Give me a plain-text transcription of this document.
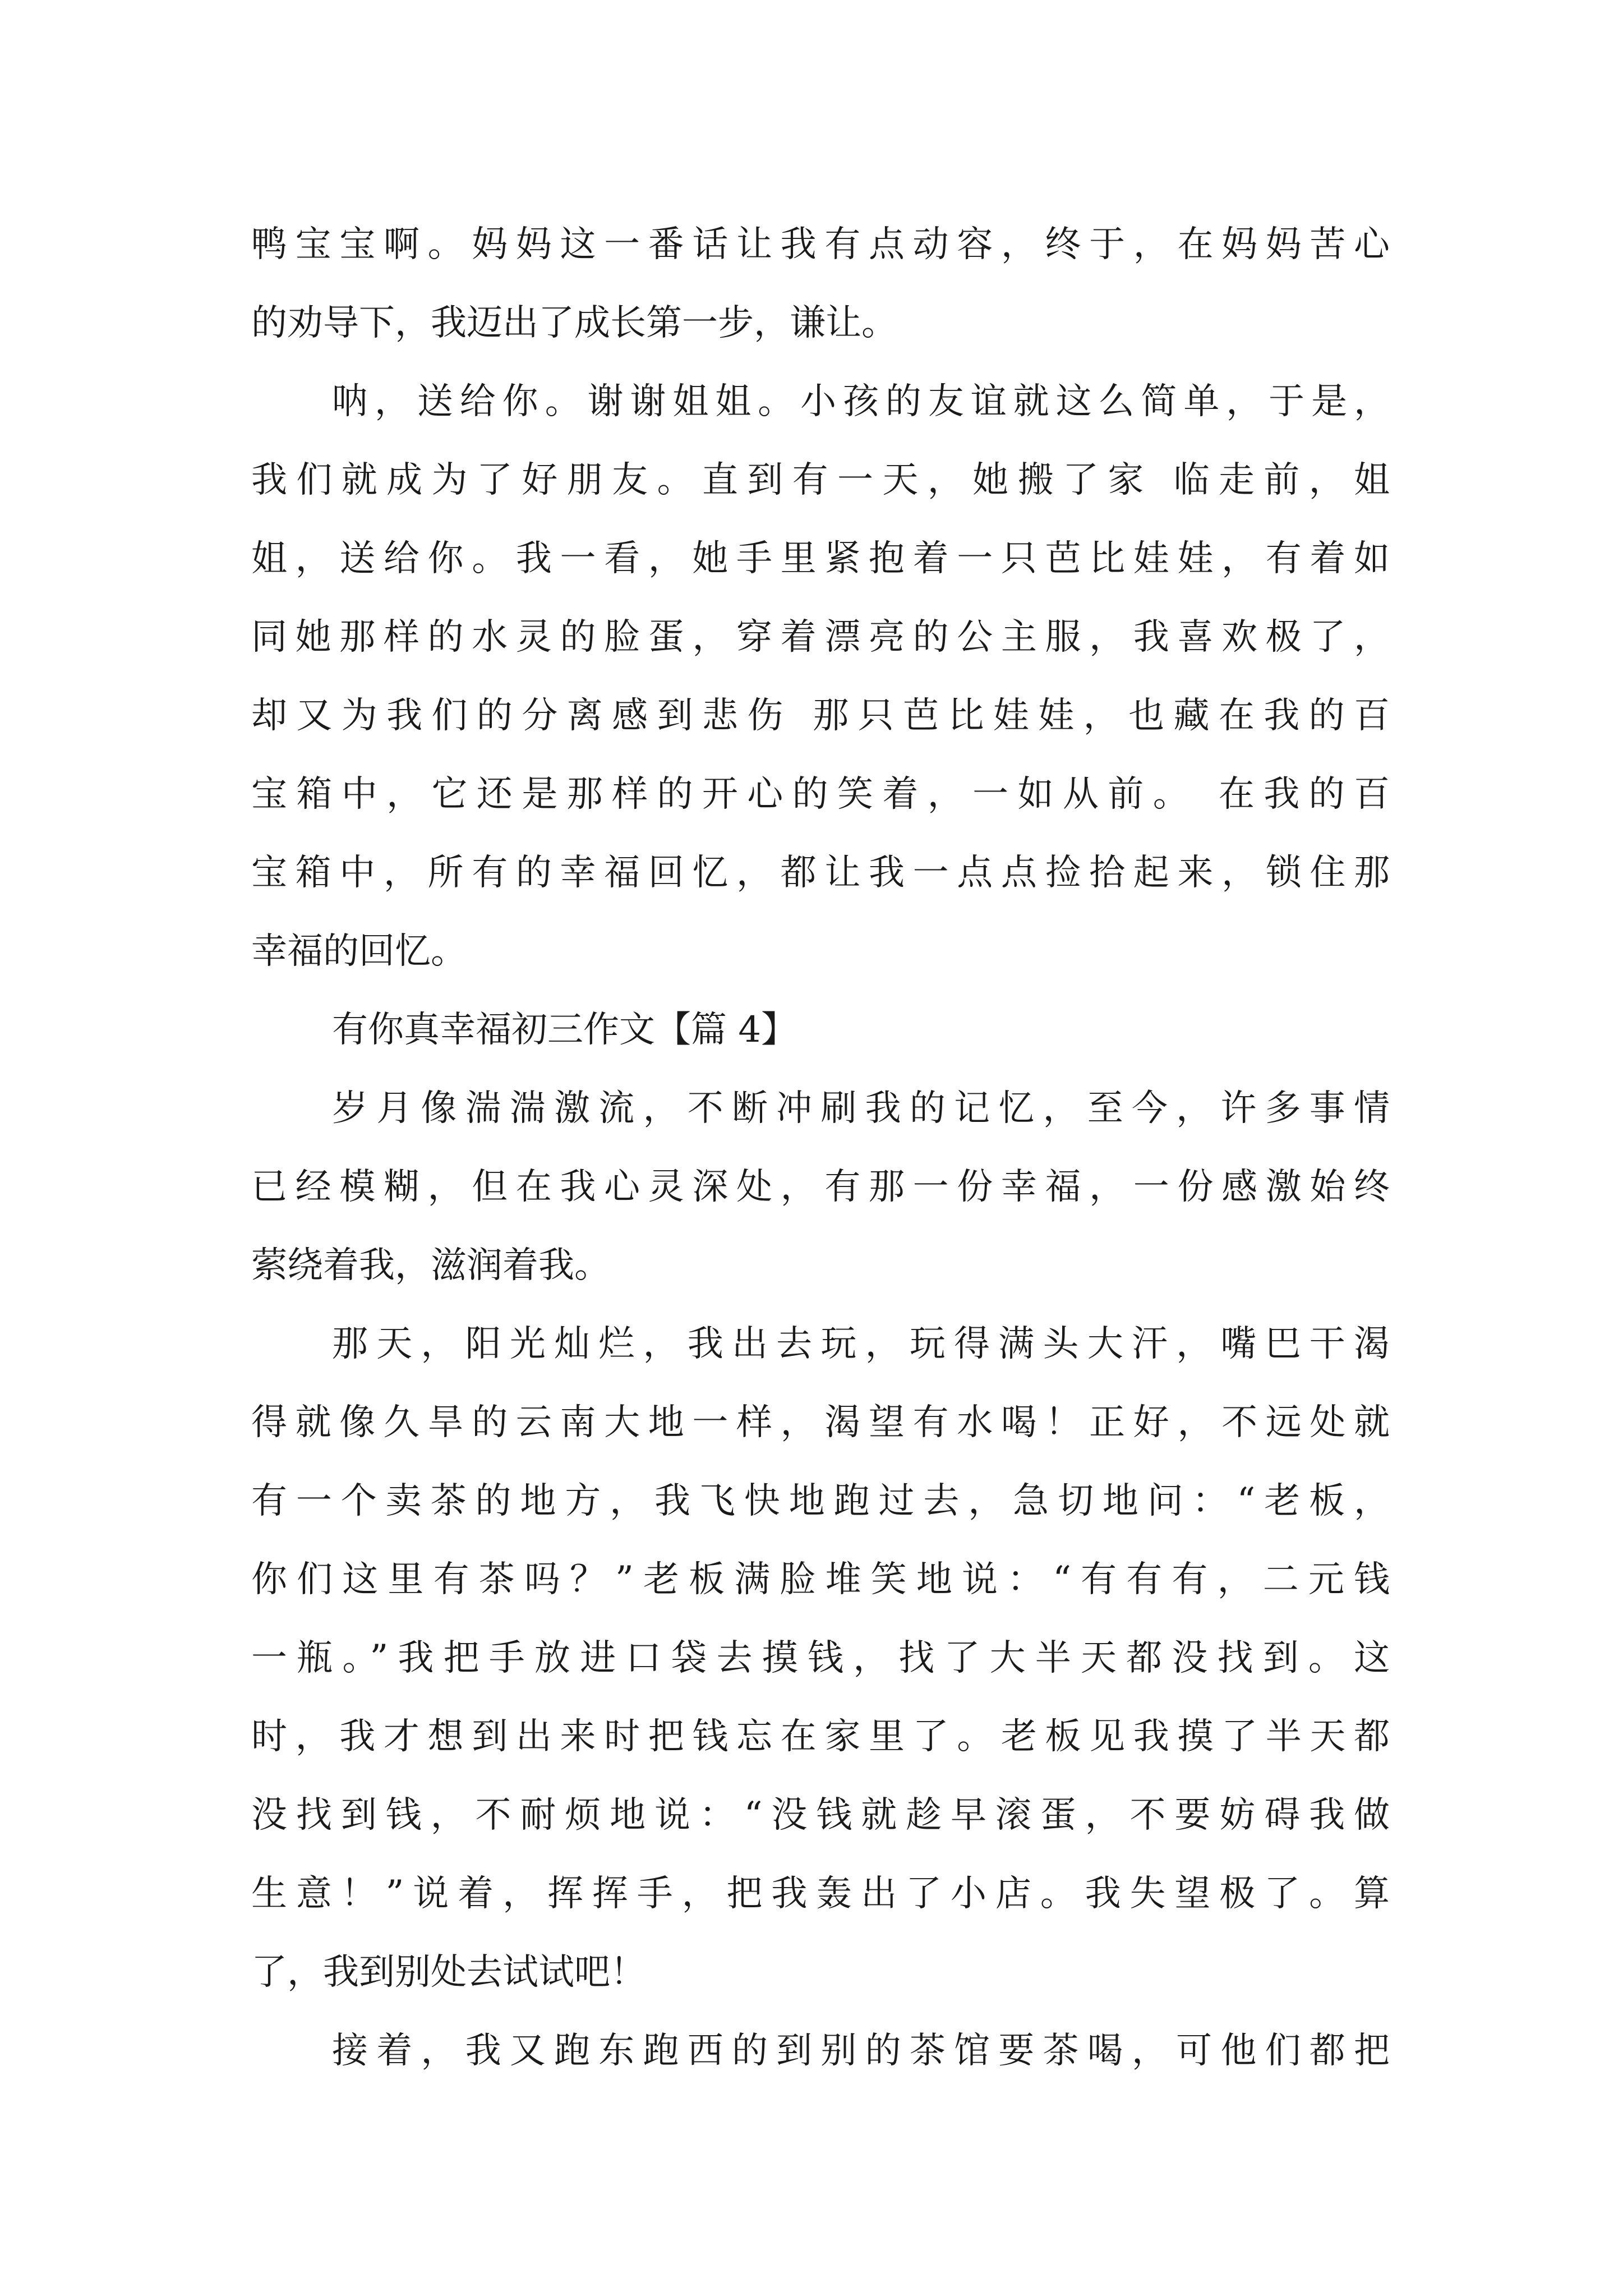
鸭宝宝啊。妈妈这一番话让我有点动容，终于，在妈妈苦心
的劝导下，我迈出了成长第一步，谦让。
呐，送给你。谢谢姐姐。小孩的友谊就这么简单，于是，
我们就成为了好朋友。直到有一天，她搬了家 临走前，姐
姐，送给你。我一看，她手里紧抱着一只芭比娃娃，有着如
同她那样的水灵的脸蛋，穿着漂亮的公主服，我喜欢极了，
却又为我们的分离感到悲伤 那只芭比娃娃，也藏在我的百
宝箱中，它还是那样的开心的笑着，一如从前。 在我的百
宝箱中，所有的幸福回忆，都让我一点点捡拾起来，锁住那
幸福的回忆。
有你真幸福初三作文【篇 4】
岁月像湍湍激流，不断冲刷我的记忆，至今，许多事情
已经模糊，但在我心灵深处，有那一份幸福，一份感激始终
萦绕着我，滋润着我。
那天，阳光灿烂，我出去玩，玩得满头大汗，嘴巴干渴
得就像久旱的云南大地一样，渴望有水喝！正好，不远处就
有一个卖茶的地方，我飞快地跑过去，急切地问：“老板，
你们这里有茶吗？”老板满脸堆笑地说：“有有有，二元钱
一瓶。”我把手放进口袋去摸钱，找了大半天都没找到。这
时，我才想到出来时把钱忘在家里了。老板见我摸了半天都
没找到钱，不耐烦地说：“没钱就趁早滚蛋，不要妨碍我做
生意！”说着，挥挥手，把我轰出了小店。我失望极了。算
了，我到别处去试试吧！
接着，我又跑东跑西的到别的茶馆要茶喝，可他们都把
